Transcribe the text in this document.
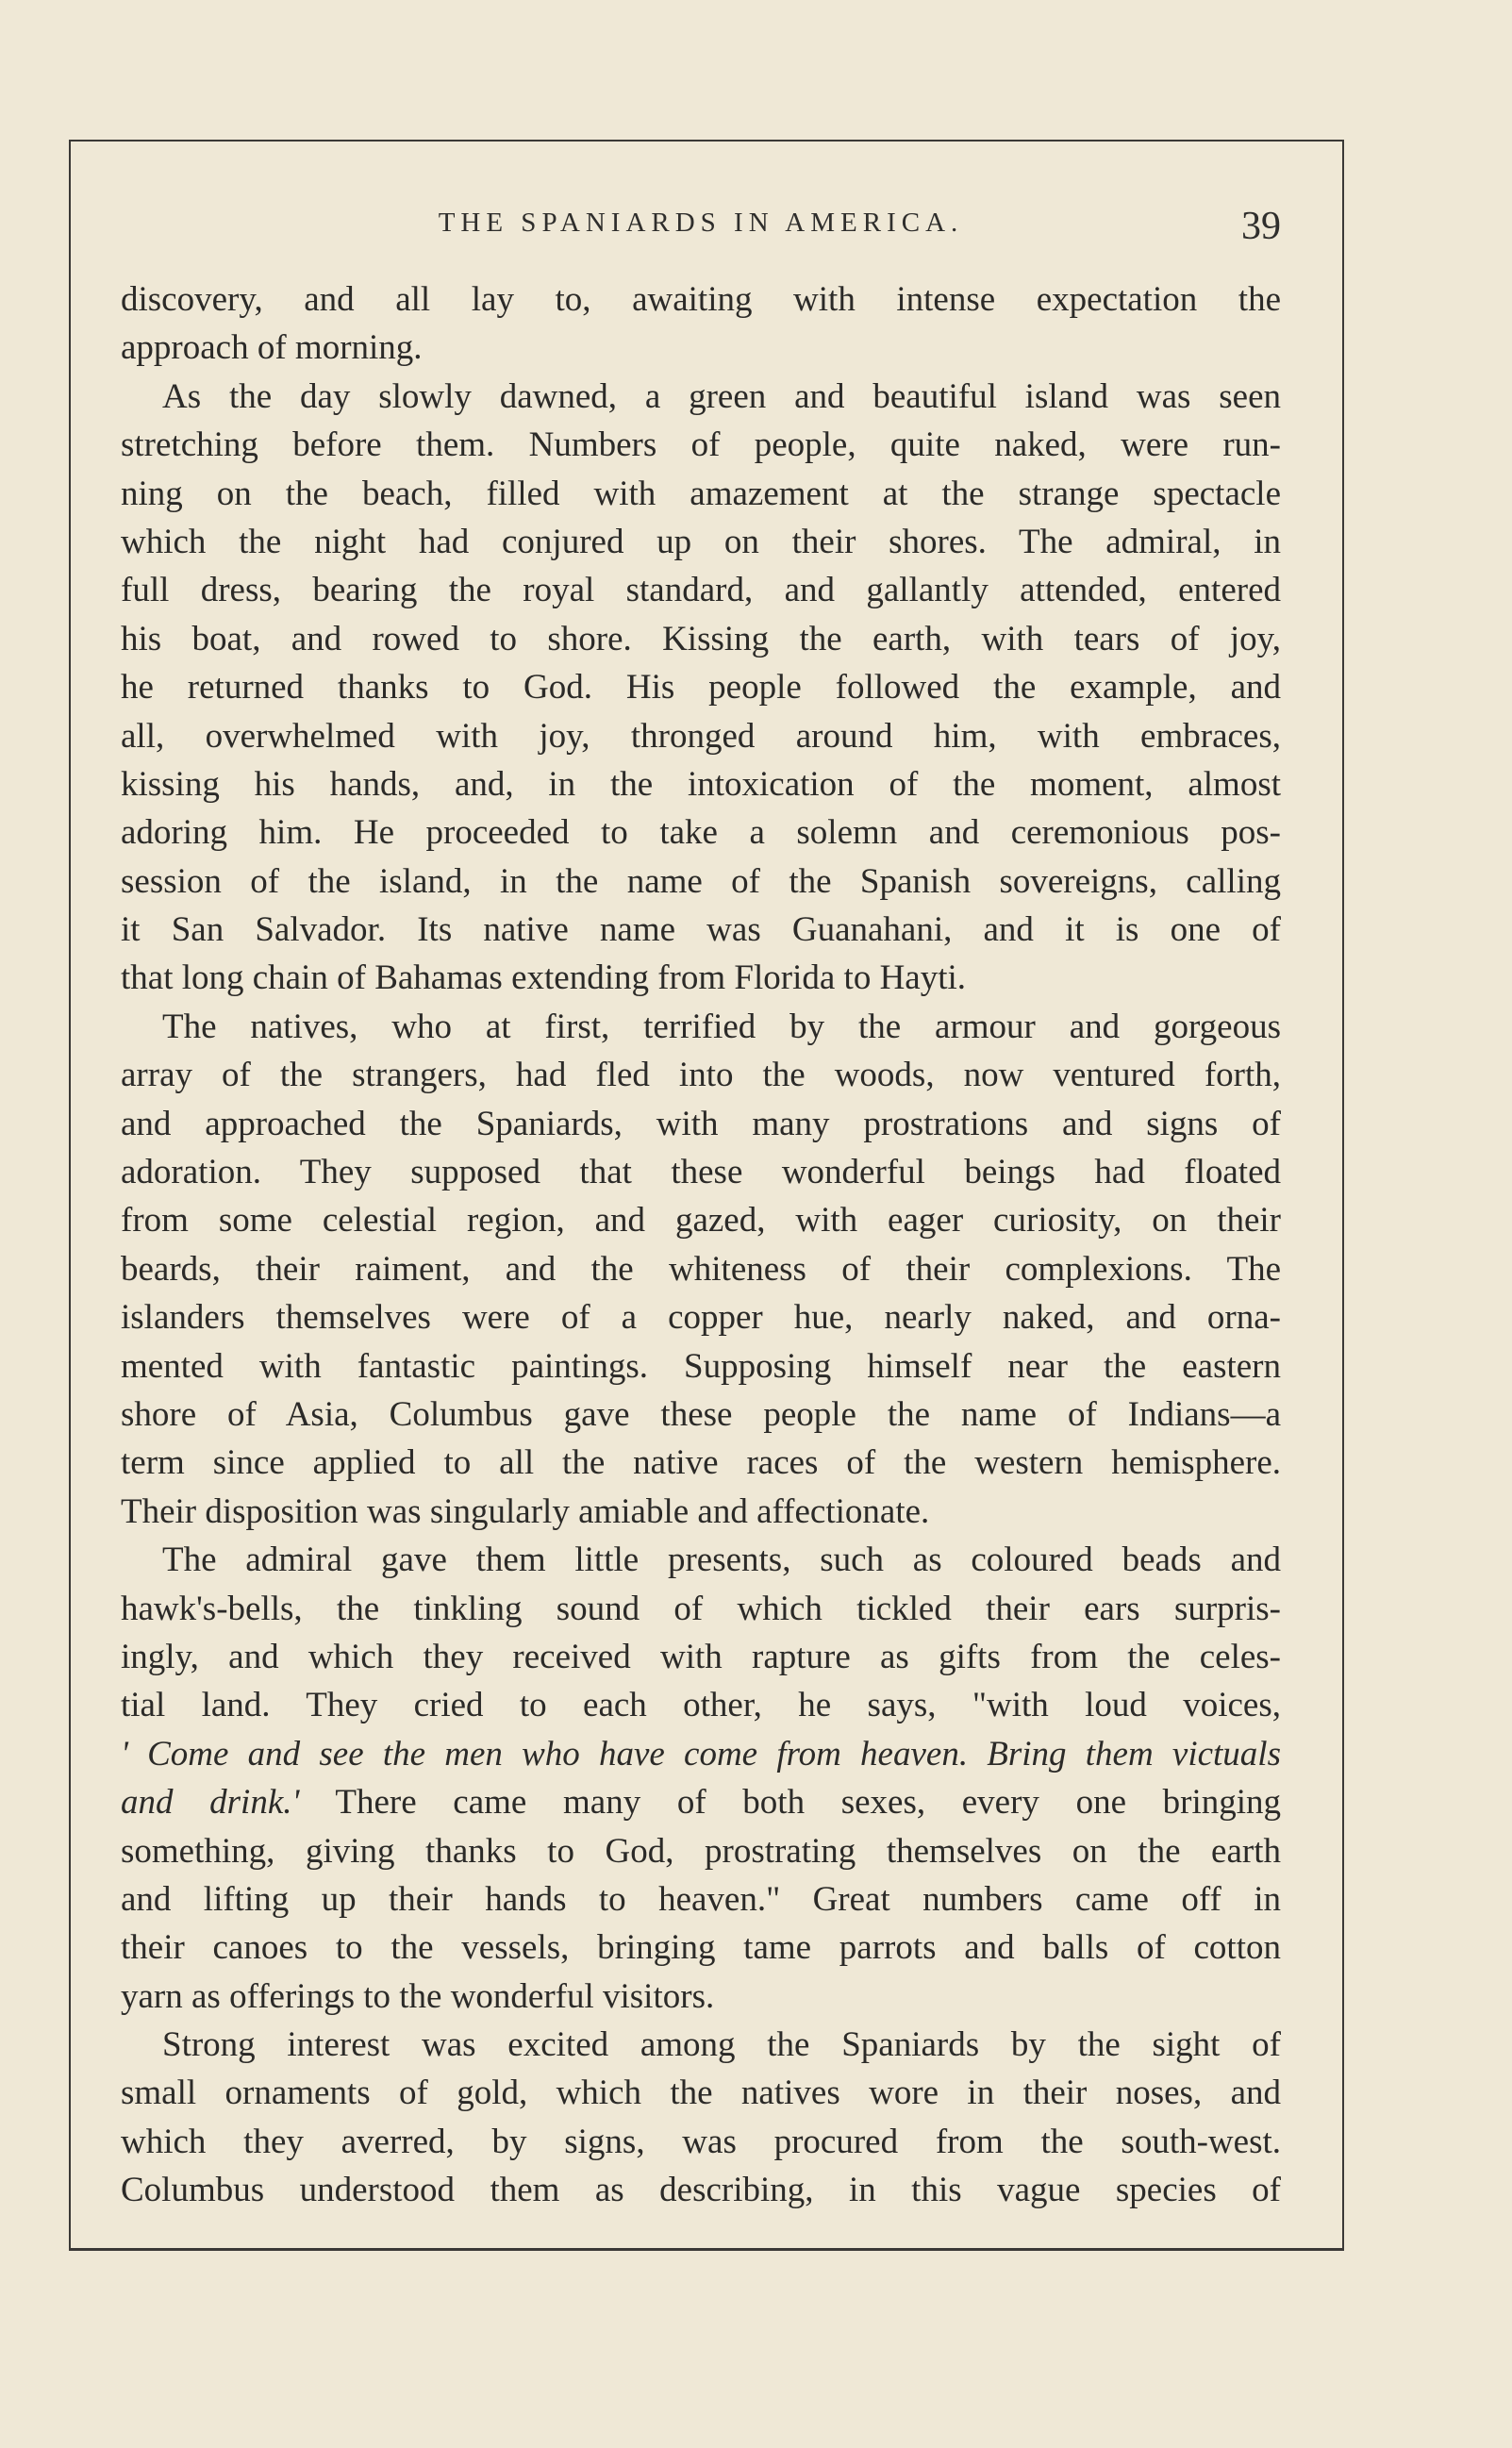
THE SPANIARDS IN AMERICA.	39
discovery, and all lay to, awaiting with intense expectation the
approach of morning.
As the day slowly dawned, a green and beautiful island was seen
stretching before them. Numbers of people, quite naked, were run-
ning on the beach, filled with amazement at the strange spectacle
which the night had conjured up on their shores. The admiral, in
full dress, bearing the royal standard, and gallantly attended, entered
his boat, and rowed to shore. Kissing the earth, with tears of joy,
he returned thanks to God. His people followed the example, and
all, overwhelmed with joy, thronged around him, with embraces,
kissing his hands, and, in the intoxication of the moment, almost
adoring him. He proceeded to take a solemn and ceremonious pos-
session of the island, in the name of the Spanish sovereigns, calling
it San Salvador. Its native name was Guanahani, and it is one of
that long chain of Bahamas extending from Florida to Hayti.
The natives, who at first, terrified by the armour and gorgeous
array of the strangers, had fled into the woods, now ventured forth,
and approached the Spaniards, with many prostrations and signs of
adoration. They supposed that these wonderful beings had floated
from some celestial region, and gazed, with eager curiosity, on their
beards, their raiment, and the whiteness of their complexions. The
islanders themselves were of a copper hue, nearly naked, and orna-
mented with fantastic paintings. Supposing himself near the eastern
shore of Asia, Columbus gave these people the name of Indians—a
term since applied to all the native races of the western hemisphere.
Their disposition was singularly amiable and affectionate.
The admiral gave them little presents, such as coloured beads and
hawk's-bells, the tinkling sound of which tickled their ears surpris-
ingly, and which they received with rapture as gifts from the celes-
tial land. They cried to each other, he says, "with loud voices,
' Come and see the men who have come from heaven. Bring them victuals
and drink.' There came many of both sexes, every one bringing
something, giving thanks to God, prostrating themselves on the earth
and lifting up their hands to heaven." Great numbers came off in
their canoes to the vessels, bringing tame parrots and balls of cotton
yarn as offerings to the wonderful visitors.
Strong interest was excited among the Spaniards by the sight of
small ornaments of gold, which the natives wore in their noses, and
which they averred, by signs, was procured from the south-west.
Columbus understood them as describing, in this vague species of
